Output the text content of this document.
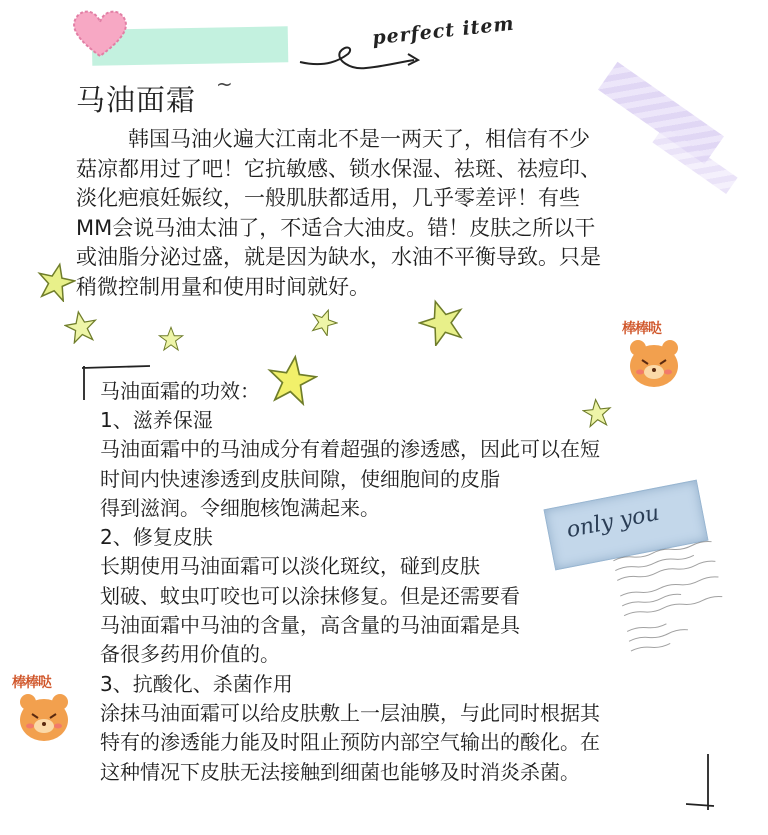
perfect item
马油面霜 ~
韩国马油火遍大江南北不是一两天了，相信有不少
菇凉都用过了吧！它抗敏感、锁水保湿、祛斑、祛痘印、
淡化疤痕妊娠纹，一般肌肤都适用，几乎零差评！有些
MM会说马油太油了，不适合大油皮。错！皮肤之所以干
或油脂分泌过盛，就是因为缺水，水油不平衡导致。只是
稍微控制用量和使用时间就好。
马油面霜的功效：
1、滋养保湿
马油面霜中的马油成分有着超强的渗透感，因此可以在短
时间内快速渗透到皮肤间隙，使细胞间的皮脂
得到滋润。令细胞核饱满起来。
2、修复皮肤
长期使用马油面霜可以淡化斑纹，碰到皮肤
划破、蚊虫叮咬也可以涂抹修复。但是还需要看
马油面霜中马油的含量，高含量的马油面霜是具
备很多药用价值的。
3、抗酸化、杀菌作用
涂抹马油面霜可以给皮肤敷上一层油膜，与此同时根据其
特有的渗透能力能及时阻止预防内部空气输出的酸化。在
这种情况下皮肤无法接触到细菌也能够及时消炎杀菌。
only you
棒棒哒
棒棒哒
